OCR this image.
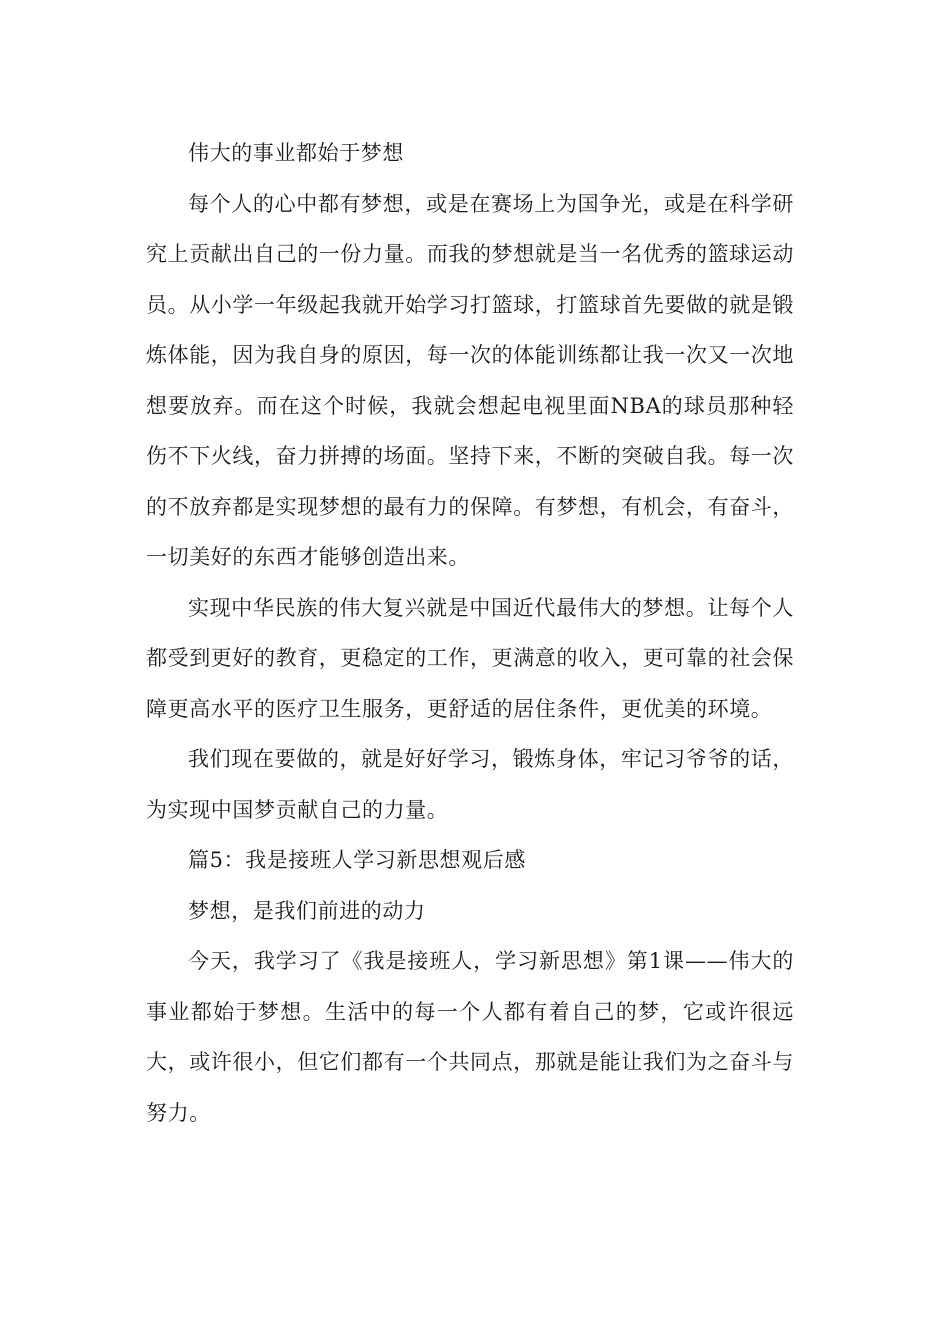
伟大的事业都始于梦想

每个人的心中都有梦想，或是在赛场上为国争光，或是在科学研究上贡献出自己的一份力量。而我的梦想就是当一名优秀的篮球运动员。从小学一年级起我就开始学习打篮球，打篮球首先要做的就是锻炼体能，因为我自身的原因，每一次的体能训练都让我一次又一次地想要放弃。而在这个时候，我就会想起电视里面NBA的球员那种轻伤不下火线，奋力拼搏的场面。坚持下来，不断的突破自我。每一次的不放弃都是实现梦想的最有力的保障。有梦想，有机会，有奋斗，一切美好的东西才能够创造出来。

实现中华民族的伟大复兴就是中国近代最伟大的梦想。让每个人都受到更好的教育，更稳定的工作，更满意的收入，更可靠的社会保障更高水平的医疗卫生服务，更舒适的居住条件，更优美的环境。

我们现在要做的，就是好好学习，锻炼身体，牢记习爷爷的话，为实现中国梦贡献自己的力量。

篇5：我是接班人学习新思想观后感

梦想，是我们前进的动力

今天，我学习了《我是接班人，学习新思想》第1课——伟大的事业都始于梦想。生活中的每一个人都有着自己的梦，它或许很远大，或许很小，但它们都有一个共同点，那就是能让我们为之奋斗与努力。
